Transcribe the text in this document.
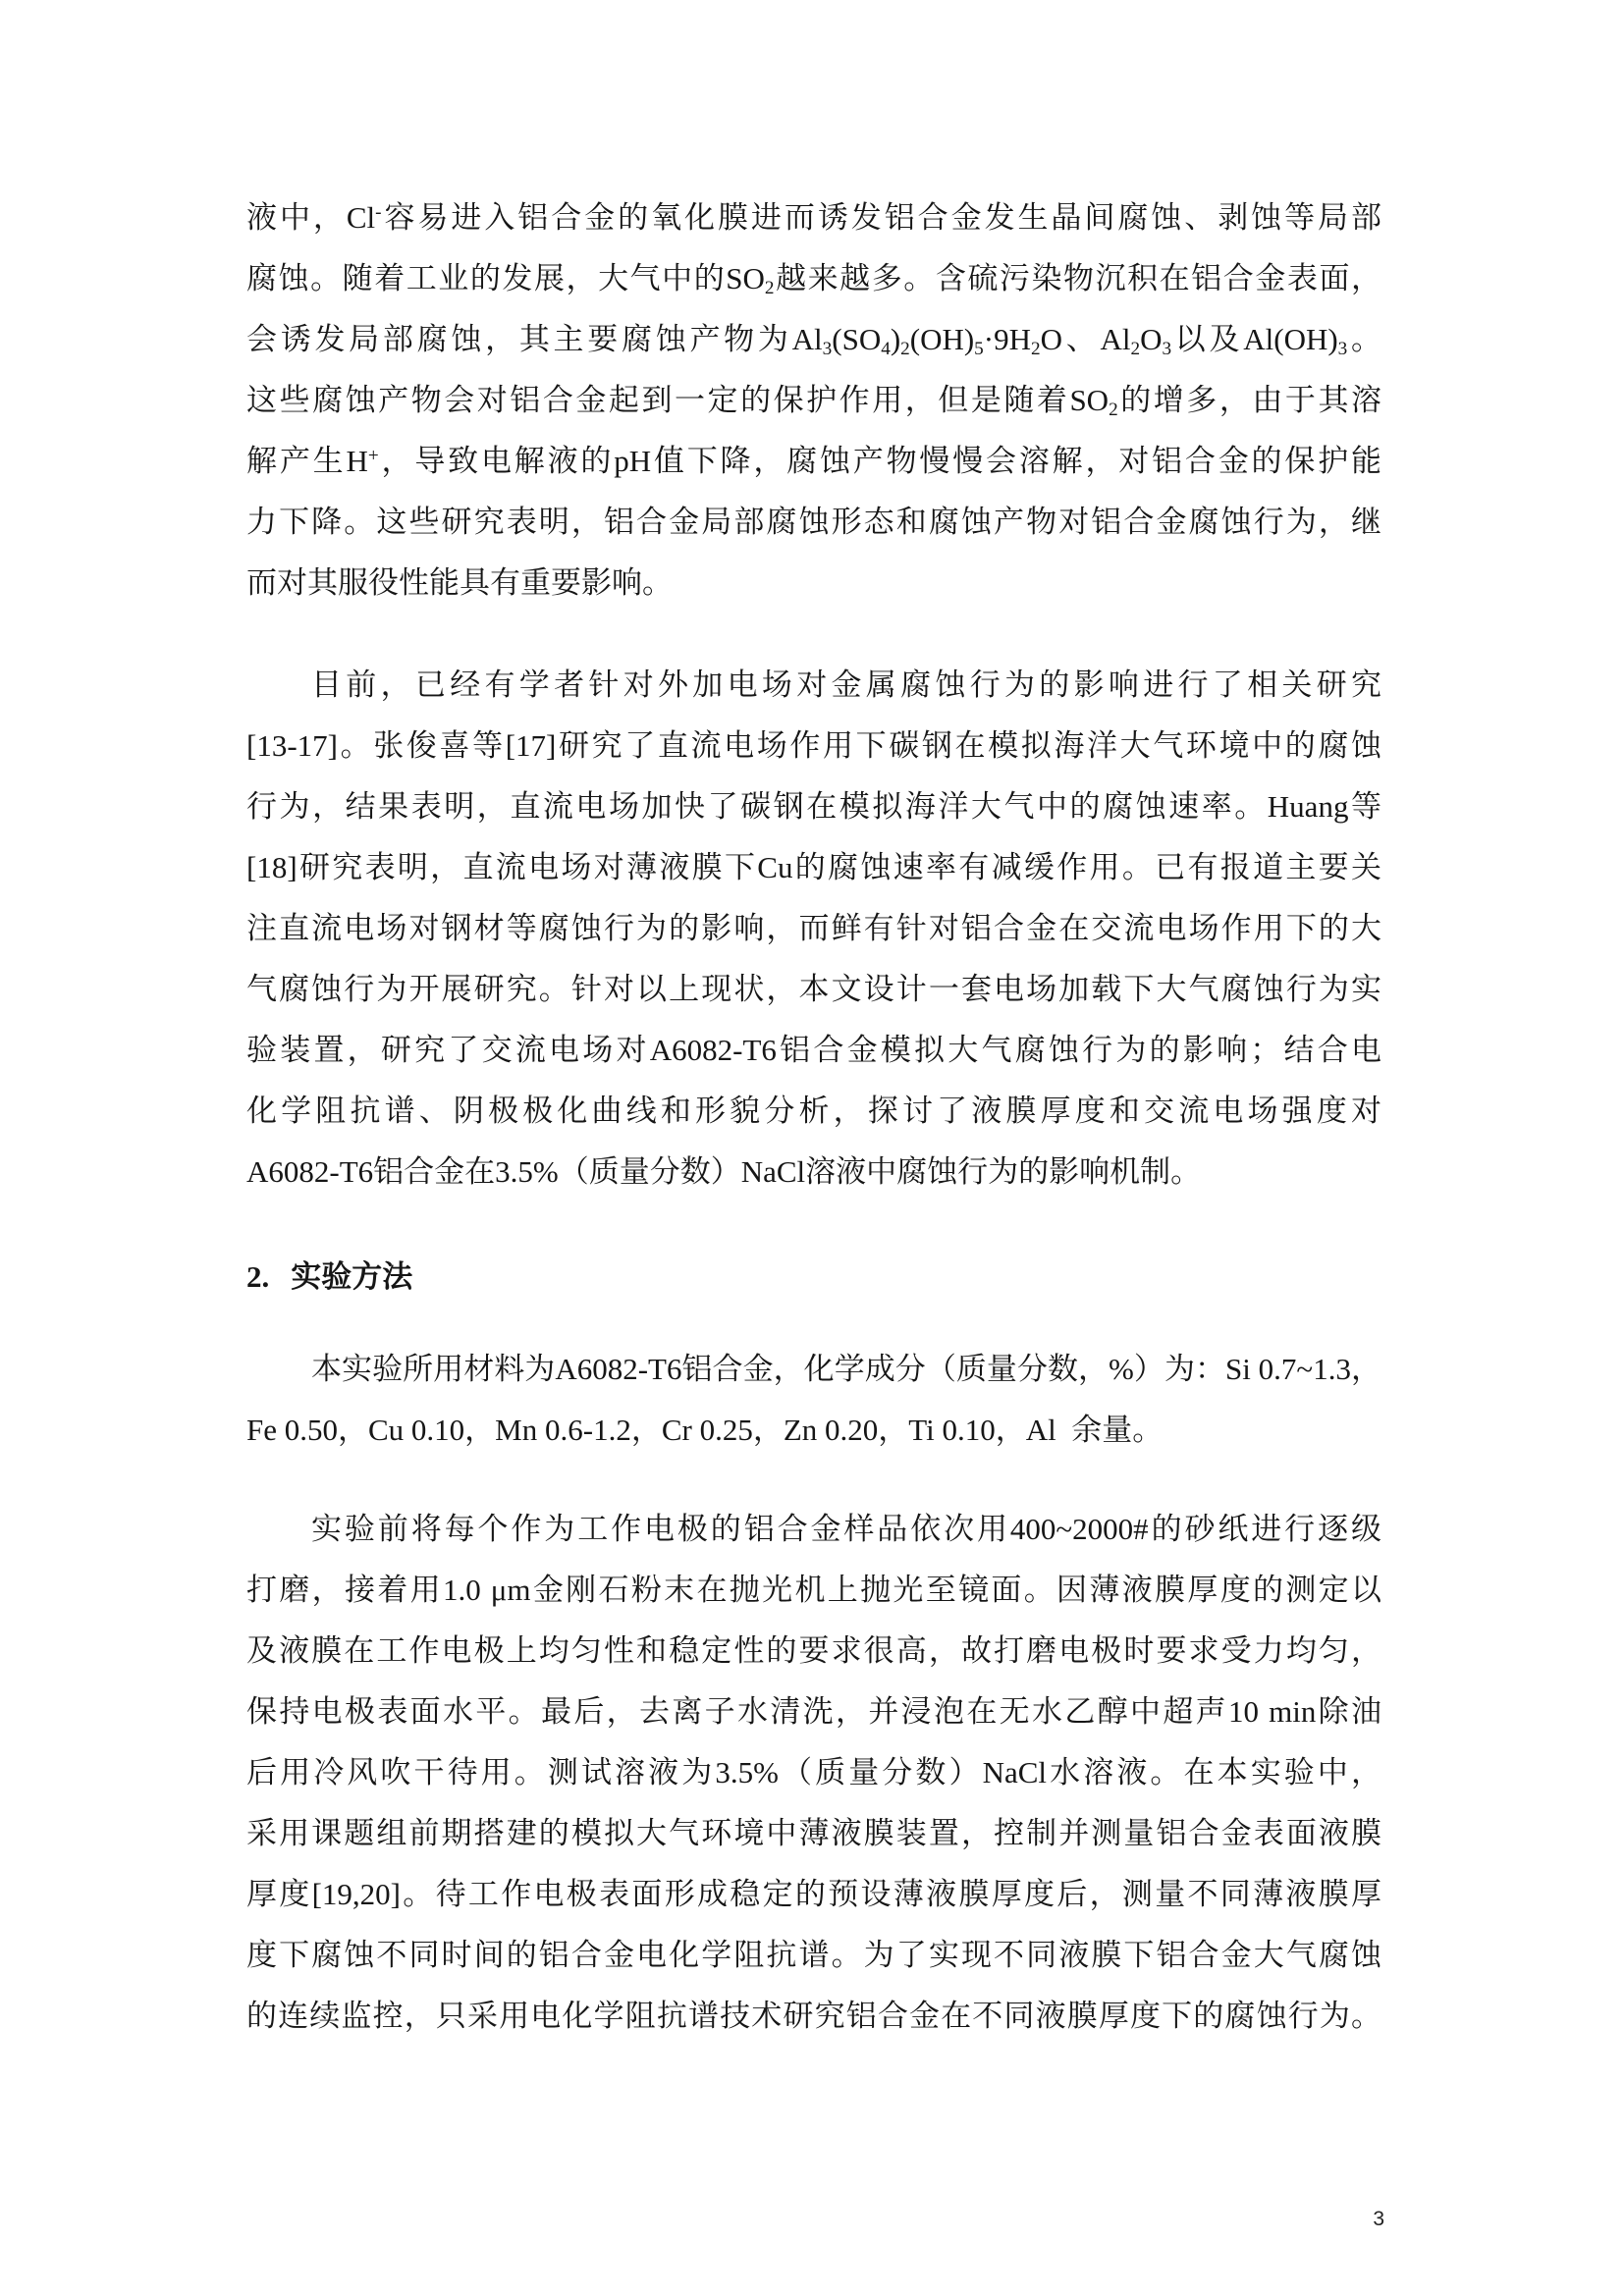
液中，Cl-容易进入铝合金的氧化膜进而诱发铝合金发生晶间腐蚀、剥蚀等局部
腐蚀。随着工业的发展，大气中的$SO_2$越来越多。含硫污染物沉积在铝合金表面，
会诱发局部腐蚀，其主要腐蚀产物为$Al_3(SO_4)_2(OH)_5\cdot 9H_2O$、$Al_2O_3$以及$Al(OH)_3$。
这些腐蚀产物会对铝合金起到一定的保护作用，但是随着$SO_2$的增多，由于其溶
解产生H+，导致电解液的pH值下降，腐蚀产物慢慢会溶解，对铝合金的保护能
力下降。这些研究表明，铝合金局部腐蚀形态和腐蚀产物对铝合金腐蚀行为，继
而对其服役性能具有重要影响。
目前，已经有学者针对外加电场对金属腐蚀行为的影响进行了相关研究
[13-17]。张俊喜等[17]研究了直流电场作用下碳钢在模拟海洋大气环境中的腐蚀
行为，结果表明，直流电场加快了碳钢在模拟海洋大气中的腐蚀速率。Huang等
[18]研究表明，直流电场对薄液膜下Cu的腐蚀速率有减缓作用。已有报道主要关
注直流电场对钢材等腐蚀行为的影响，而鲜有针对铝合金在交流电场作用下的大
气腐蚀行为开展研究。针对以上现状，本文设计一套电场加载下大气腐蚀行为实
验装置，研究了交流电场对A6082-T6铝合金模拟大气腐蚀行为的影响；结合电
化学阻抗谱、阴极极化曲线和形貌分析，探讨了液膜厚度和交流电场强度对
A6082-T6铝合金在3.5%（质量分数）NaCl溶液中腐蚀行为的影响机制。
2. 实验方法
本实验所用材料为A6082-T6铝合金，化学成分（质量分数，%）为：Si 0.7~1.3，
Fe 0.50，Cu 0.10，Mn 0.6-1.2，Cr 0.25，Zn 0.20，Ti 0.10，Al  余量。
实验前将每个作为工作电极的铝合金样品依次用400~2000#的砂纸进行逐级
打磨，接着用1.0 μm金刚石粉末在抛光机上抛光至镜面。因薄液膜厚度的测定以
及液膜在工作电极上均匀性和稳定性的要求很高，故打磨电极时要求受力均匀，
保持电极表面水平。最后，去离子水清洗，并浸泡在无水乙醇中超声10 min除油
后用冷风吹干待用。测试溶液为3.5%（质量分数）NaCl水溶液。在本实验中，
采用课题组前期搭建的模拟大气环境中薄液膜装置，控制并测量铝合金表面液膜
厚度[19,20]。待工作电极表面形成稳定的预设薄液膜厚度后，测量不同薄液膜厚
度下腐蚀不同时间的铝合金电化学阻抗谱。为了实现不同液膜下铝合金大气腐蚀
的连续监控，只采用电化学阻抗谱技术研究铝合金在不同液膜厚度下的腐蚀行为。
3
